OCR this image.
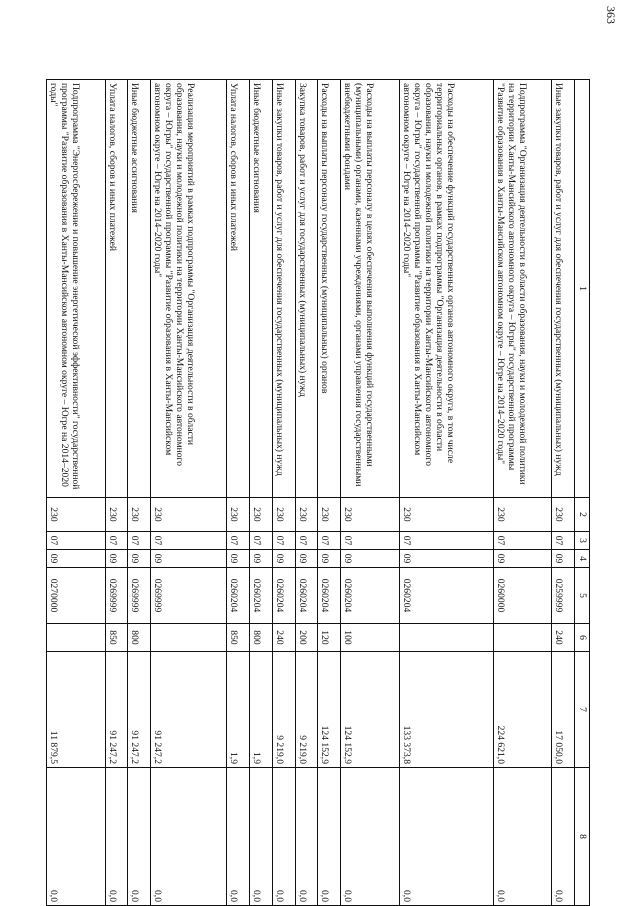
363
1	2	3	4	5	6	7	8
Иные закупки товаров, работ и услуг для обеспечения государственных (муниципальных) нужд	230	07	09	0259999	240	17 050,0	0,0
Подпрограмма "Организация деятельности в области образования, науки и молодежной политики на территории Ханты-Мансийского автономного округа – Югры" государственной программы "Развитие образования в Ханты-Мансийском автономном округе – Югре на 2014–2020 годы"	230	07	09	0260000		224 621,0	0,0
Расходы на обеспечение функций государственных органов автономного округа, в том числе территориальных органов, в рамках подпрограммы "Организация деятельности в области образования, науки и молодежной политики на территории Ханты-Мансийского автономного округа – Югры" государственной программы "Развитие образования в Ханты-Мансийском автономном округе – Югре на 2014–2020 годы"	230	07	09	0260204		133 373,8	0,0
Расходы на выплаты персоналу в целях обеспечения выполнения функций государственными (муниципальными) органами, казенными учреждениями, органами управления государственными внебюджетными фондами	230	07	09	0260204	100	124 152,9	0,0
Расходы на выплаты персоналу государственных (муниципальных) органов	230	07	09	0260204	120	124 152,9	0,0
Закупка товаров, работ и услуг для государственных (муниципальных) нужд	230	07	09	0260204	200	9 219,0	0,0
Иные закупки товаров, работ и услуг для обеспечения государственных (муниципальных) нужд	230	07	09	0260204	240	9 219,0	0,0
Иные бюджетные ассигнования	230	07	09	0260204	800	1,9	0,0
Уплата налогов, сборов и иных платежей	230	07	09	0260204	850	1,9	0,0
Реализация мероприятий в рамках подпрограммы "Организация деятельности в области образования, науки и молодежной политики на территории Ханты-Мансийского автономного округа – Югры" государственной программы "Развитие образования в Ханты-Мансийском автономном округе – Югре на 2014–2020 годы"	230	07	09	0269999		91 247,2	0,0
Иные бюджетные ассигнования	230	07	09	0269999	800	91 247,2	0,0
Уплата налогов, сборов и иных платежей	230	07	09	0269999	850	91 247,2	0,0
Подпрограмма "Энергосбережение и повышение энергетической эффективности" государственной программы "Развитие образования в Ханты-Мансийском автономном округе – Югре на 2014–2020 годы"	230	07	09	0270000		11 879,5	0,0
